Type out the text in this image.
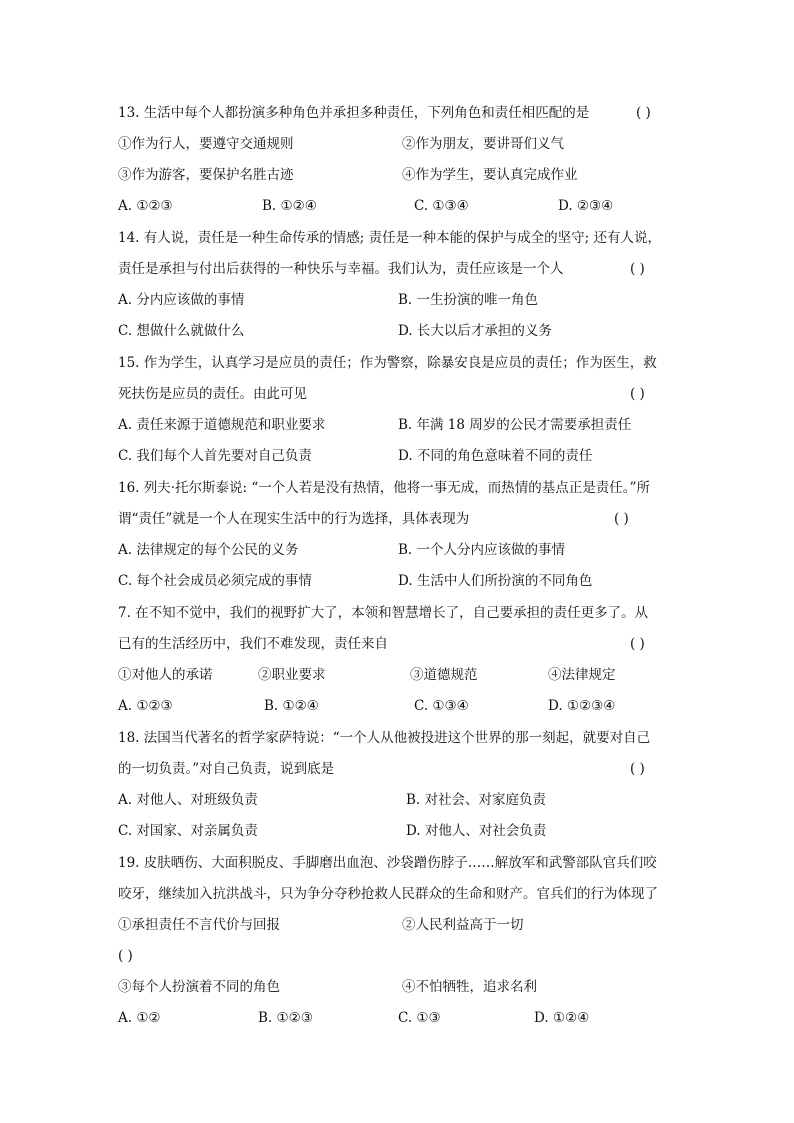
13. 生活中每个人都扮演多种角色并承担多种责任，下列角色和责任相匹配的是	( )
①作为行人，要遵守交通规则	②作为朋友，要讲哥们义气
③作为游客，要保护名胜古迹	④作为学生，要认真完成作业
A. ①②③	B. ①②④	C. ①③④	D. ②③④
14. 有人说，责任是一种生命传承的情感; 责任是一种本能的保护与成全的坚守; 还有人说，
责任是承担与付出后获得的一种快乐与幸福。我们认为，责任应该是一个人	( )
A. 分内应该做的事情	B. 一生扮演的唯一角色
C. 想做什么就做什么	D. 长大以后才承担的义务
15. 作为学生，认真学习是应员的责任；作为警察，除暴安良是应员的责任；作为医生，救
死扶伤是应员的责任。由此可见	( )
A. 责任来源于道德规范和职业要求	B. 年满 18 周岁的公民才需要承担责任
C. 我们每个人首先要对自己负责	D. 不同的角色意味着不同的责任
16. 列夫·托尔斯泰说: “一个人若是没有热情，他将一事无成，而热情的基点正是责任。”所
谓“责任”就是一个人在现实生活中的行为选择，具体表现为	( )
A. 法律规定的每个公民的义务	B. 一个人分内应该做的事情
C. 每个社会成员必须完成的事情	D. 生活中人们所扮演的不同角色
7. 在不知不觉中，我们的视野扩大了，本领和智慧增长了，自己要承担的责任更多了。从
已有的生活经历中，我们不难发现，责任来自	( )
①对他人的承诺	②职业要求	③道德规范	④法律规定
A. ①②③	B. ①②④	C. ①③④	D. ①②③④
18. 法国当代著名的哲学家萨特说：“一个人从他被投进这个世界的那一刻起，就要对自己
的一切负责。”对自己负责，说到底是	( )
A. 对他人、对班级负责	B. 对社会、对家庭负责
C. 对国家、对亲属负责	D. 对他人、对社会负责
19. 皮肤晒伤、大面积脱皮、手脚磨出血泡、沙袋蹭伤脖子……解放军和武警部队官兵们咬
咬牙，继续加入抗洪战斗，只为争分夺秒抢救人民群众的生命和财产。官兵们的行为体现了
①承担责任不言代价与回报	②人民利益高于一切
( )
③每个人扮演着不同的角色	④不怕牺牲，追求名利
A. ①②	B. ①②③	C. ①③	D. ①②④
